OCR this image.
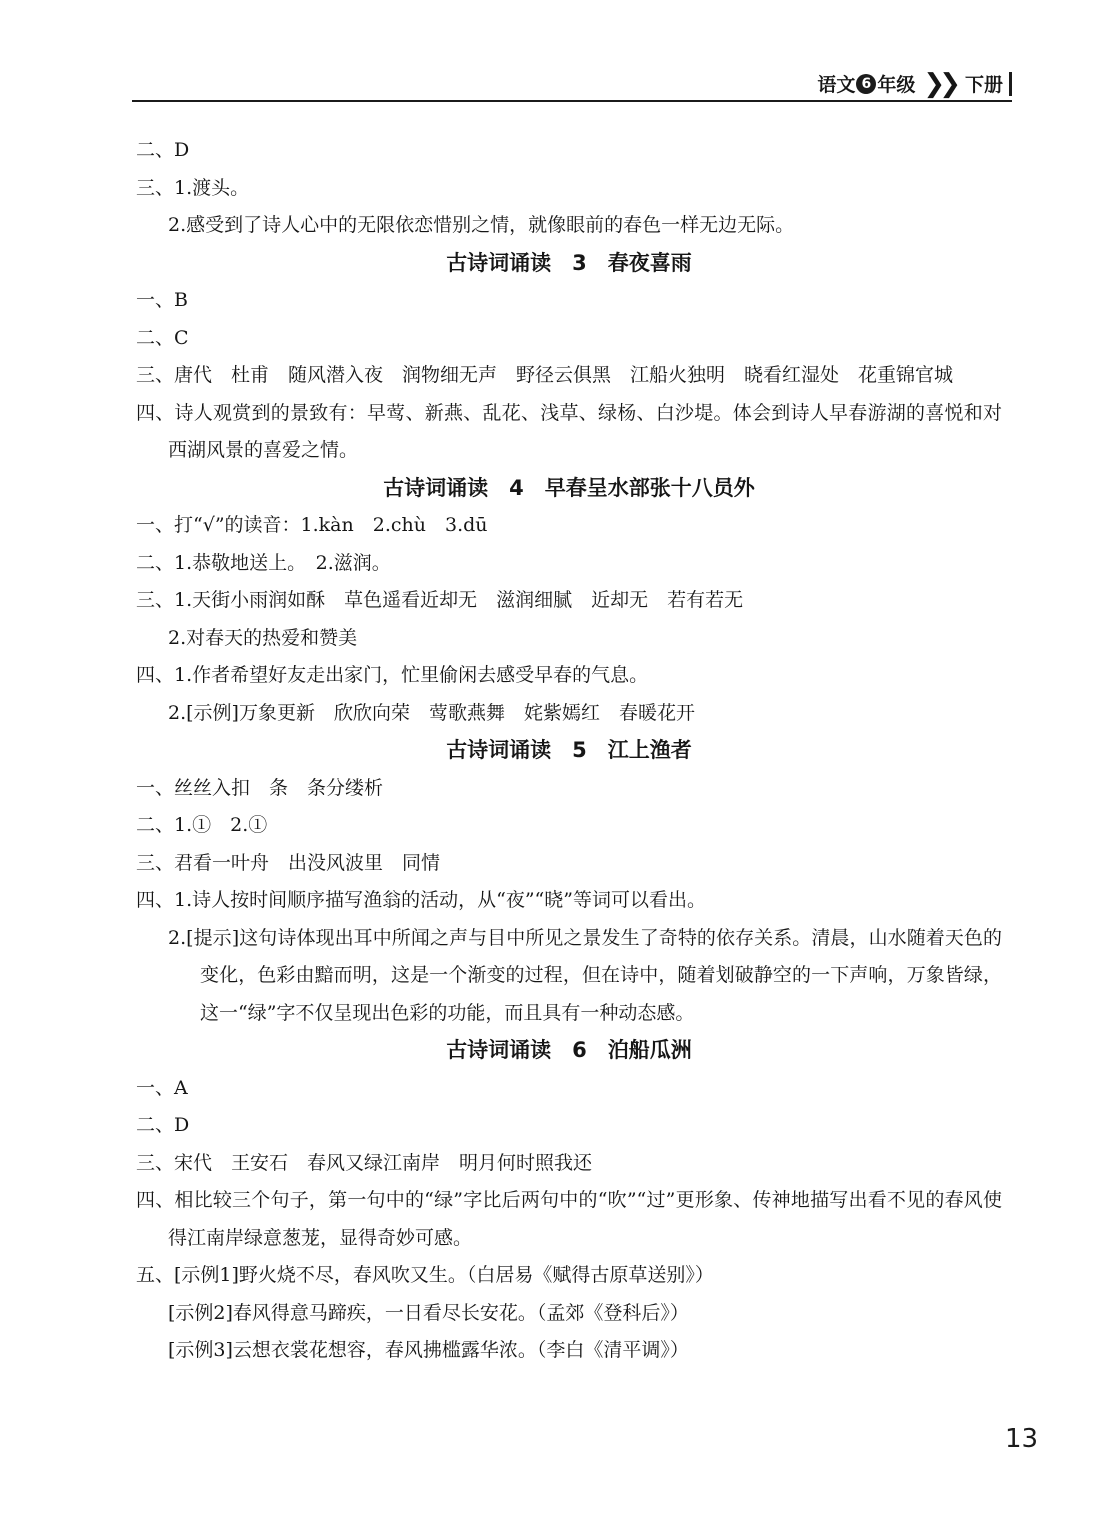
语文 6 年级 ❯❯ 下册
二、D
三、1.渡头。
2.感受到了诗人心中的无限依恋惜别之情，就像眼前的春色一样无边无际。
古诗词诵读　3　春夜喜雨
一、B
二、C
三、唐代　杜甫　随风潜入夜　润物细无声　野径云俱黑　江船火独明　晓看红湿处　花重锦官城
四、诗人观赏到的景致有：早莺、新燕、乱花、浅草、绿杨、白沙堤。体会到诗人早春游湖的喜悦和对西湖风景的喜爱之情。
古诗词诵读　4　早春呈水部张十八员外
一、打“√”的读音：1.kàn　2.chù　3.dū
二、1.恭敬地送上。　2.滋润。
三、1.天街小雨润如酥　草色遥看近却无　滋润细腻　近却无　若有若无
2.对春天的热爱和赞美
四、1.作者希望好友走出家门，忙里偷闲去感受早春的气息。
2.[示例]万象更新　欣欣向荣　莺歌燕舞　姹紫嫣红　春暖花开
古诗词诵读　5　江上渔者
一、丝丝入扣　条　条分缕析
二、1.①　2.①
三、君看一叶舟　出没风波里　同情
四、1.诗人按时间顺序描写渔翁的活动，从“夜”“晓”等词可以看出。
2.[提示]这句诗体现出耳中所闻之声与目中所见之景发生了奇特的依存关系。清晨，山水随着天色的变化，色彩由黯而明，这是一个渐变的过程，但在诗中，随着划破静空的一下声响，万象皆绿，这一“绿”字不仅呈现出色彩的功能，而且具有一种动态感。
古诗词诵读　6　泊船瓜洲
一、A
二、D
三、宋代　王安石　春风又绿江南岸　明月何时照我还
四、相比较三个句子，第一句中的“绿”字比后两句中的“吹”“过”更形象、传神地描写出看不见的春风使得江南岸绿意葱茏，显得奇妙可感。
五、[示例1]野火烧不尽，春风吹又生。（白居易《赋得古原草送别》）
[示例2]春风得意马蹄疾，一日看尽长安花。（孟郊《登科后》）
[示例3]云想衣裳花想容，春风拂槛露华浓。（李白《清平调》）
13
